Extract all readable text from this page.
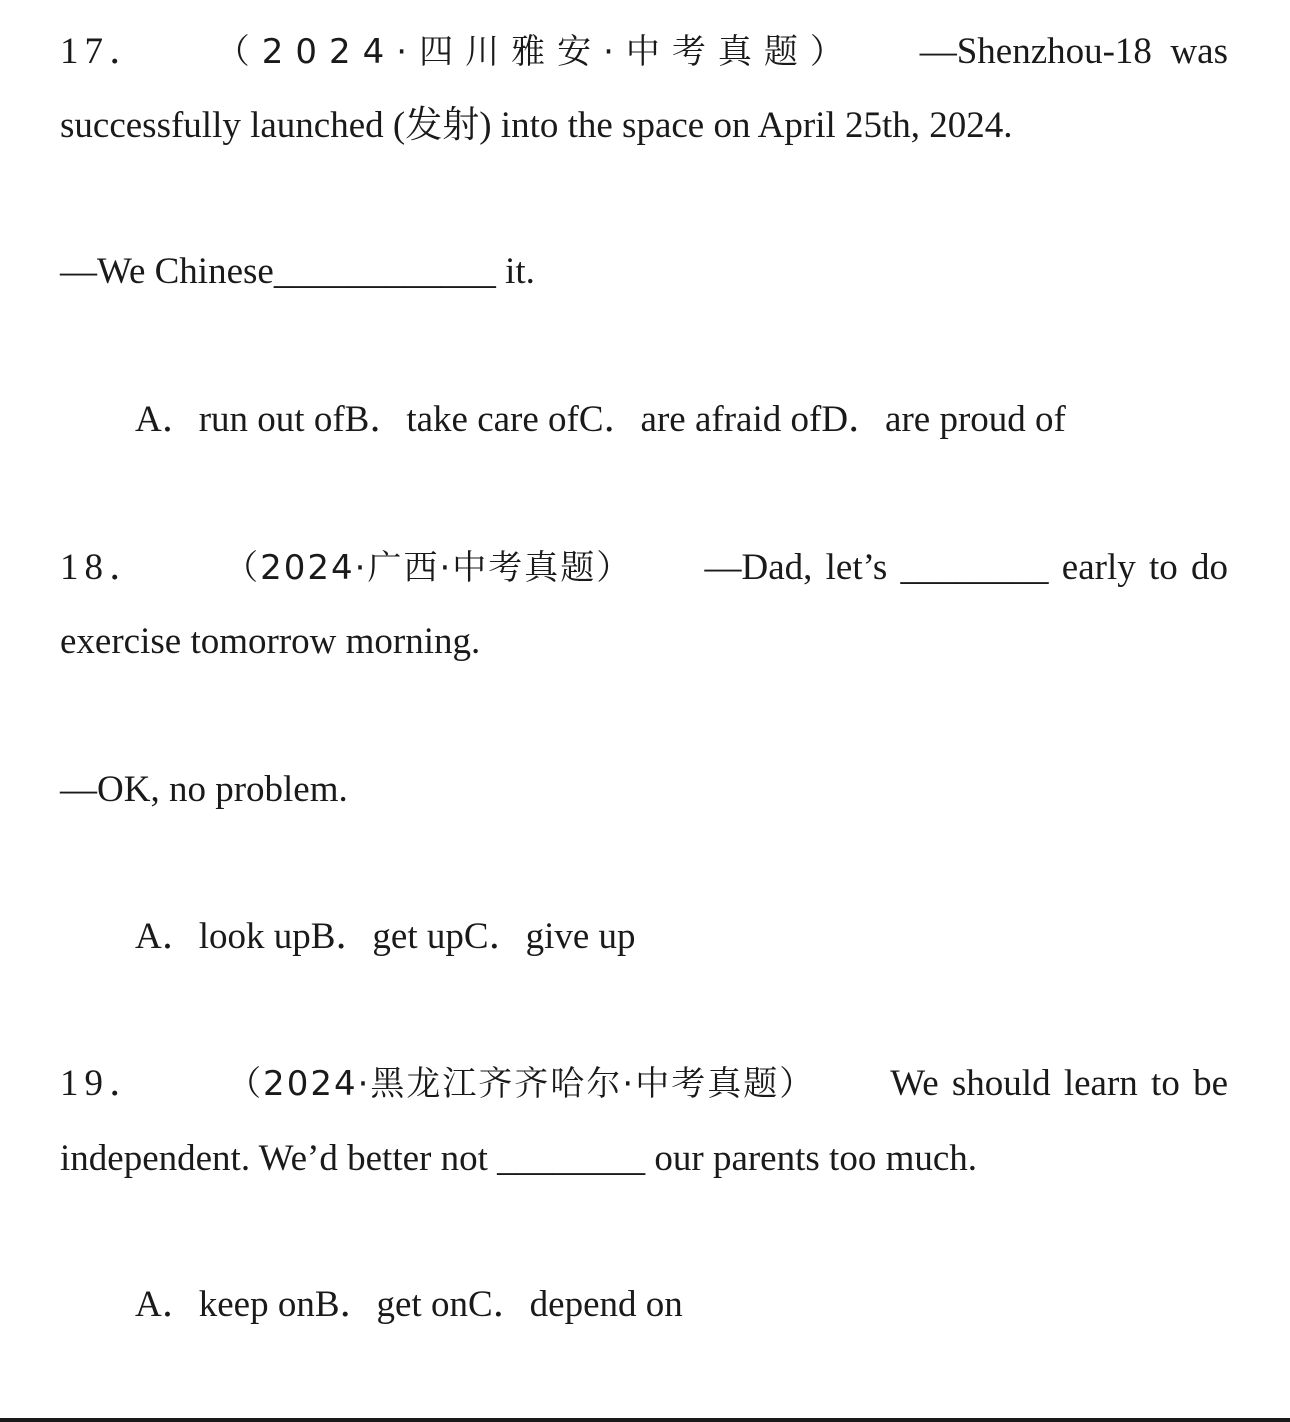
17． （2024·四川雅安·中考真题） —Shenzhou-18  was
successfully launched (发射) into the space on April 25th, 2024.
—We Chinese____________ it.
A．run out ofB．take care ofC．are afraid ofD．are proud of
18． （2024·广西·中考真题） —Dad, let’s ________ early to do
exercise tomorrow morning.
—OK, no problem.
A．look upB．get upC．give up
19． （2024·黑龙江齐齐哈尔·中考真题） We should learn to be
independent. We’d better not ________ our parents too much.
A．keep onB．get onC．depend on
